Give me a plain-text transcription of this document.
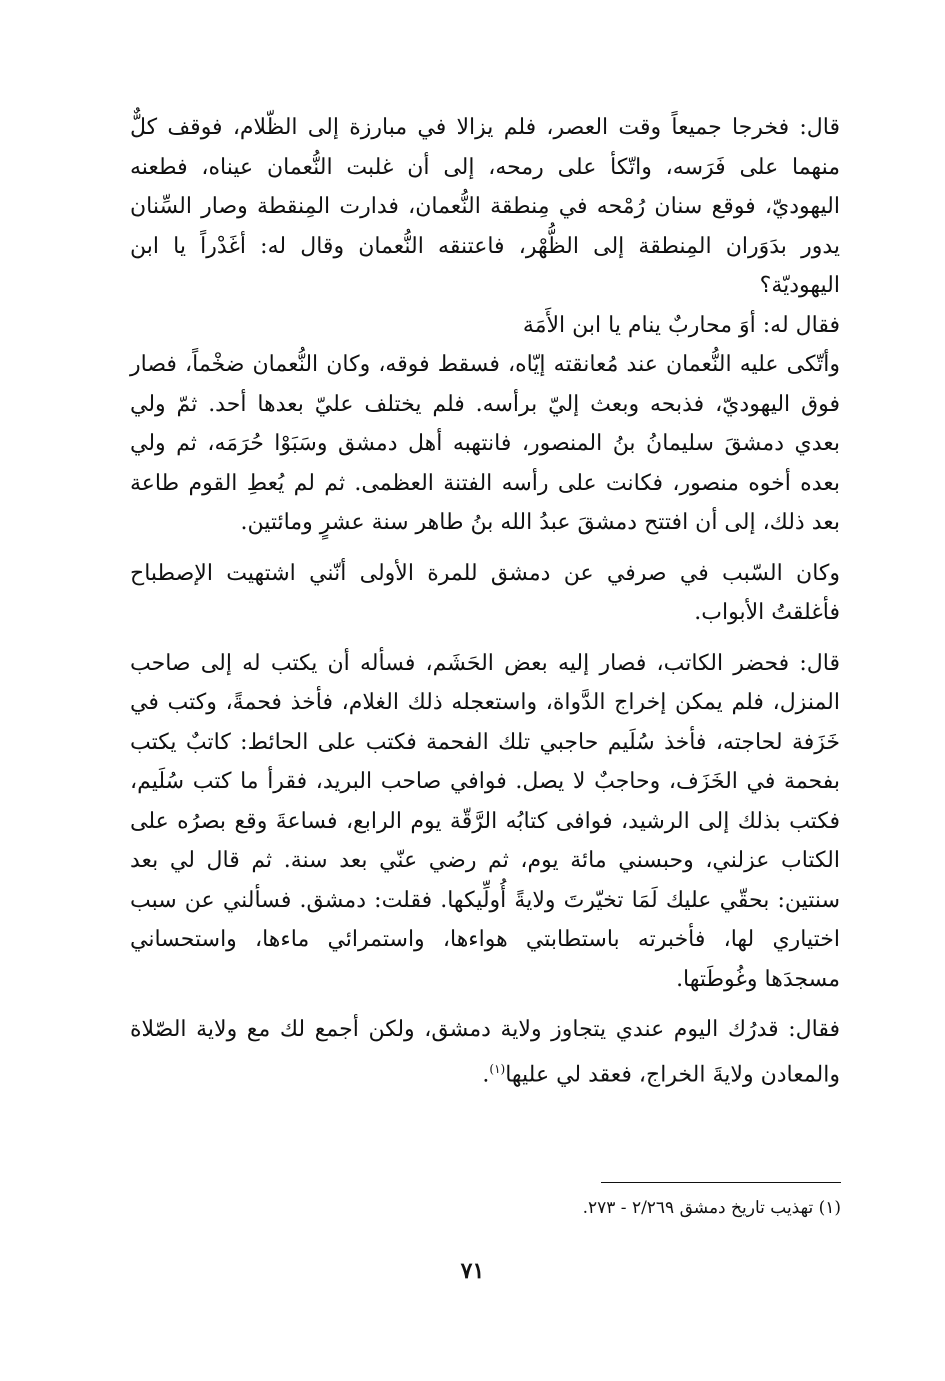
قال: فخرجا جميعاً وقت العصر، فلم يزالا في مبارزة إلى الظّلام، فوقف كلٌّ منهما على فَرَسه، واتّكأ على رمحه، إلى أن غلبت النُّعمان عيناه، فطعنه اليهوديّ، فوقع سنان رُمْحه في مِنطقة النُّعمان، فدارت المِنقطة وصار السِّنان يدور بدَوَران المِنطقة إلى الظُّهْر، فاعتنقه النُّعمان وقال له: أغَدْراً يا ابن اليهوديّة؟

فقال له: أوَ محاربٌ ينام يا ابن الأَمَة

وأتّكى عليه النُّعمان عند مُعانقته إيّاه، فسقط فوقه، وكان النُّعمان ضخْماً، فصار فوق اليهوديّ، فذبحه وبعث إليّ برأسه. فلم يختلف عليّ بعدها أحد. ثمّ ولي بعدي دمشقَ سليمانُ بنُ المنصور، فانتهبه أهل دمشق وسَبَوْا حُرَمَه، ثم ولي بعده أخوه منصور، فكانت على رأسه الفتنة العظمى. ثم لم يُعطِ القوم طاعة بعد ذلك، إلى أن افتتح دمشقَ عبدُ الله بنُ طاهر سنة عشرٍ ومائتين.

وكان السّبب في صرفي عن دمشق للمرة الأولى أنّني اشتهيت الإصطباح فأغلقتُ الأبواب.

قال: فحضر الكاتب، فصار إليه بعض الحَشَم، فسأله أن يكتب له إلى صاحب المنزل، فلم يمكن إخراج الدَّواة، واستعجله ذلك الغلام، فأخذ فحمةً، وكتب في خَزَفة لحاجته، فأخذ سُلَيم حاجبي تلك الفحمة فكتب على الحائط: كاتبٌ يكتب بفحمة في الخَزَف، وحاجبٌ لا يصل. فوافي صاحب البريد، فقرأ ما كتب سُلَيم، فكتب بذلك إلى الرشيد، فوافى كتابُه الرَّقّة يوم الرابع، فساعةَ وقع بصرُه على الكتاب عزلني، وحبسني مائة يوم، ثم رضي عنّي بعد سنة. ثم قال لي بعد سنتين: بحقّي عليك لَمَا تخيّرتَ ولايةً أُولِّيكها. فقلت: دمشق. فسألني عن سبب اختياري لها، فأخبرته باستطابتي هواءها، واستمرائي ماءها، واستحساني مسجدَها وغُوطَتها.

فقال: قدرُك اليوم عندي يتجاوز ولاية دمشق، ولكن أجمع لك مع ولاية الصّلاة والمعادن ولايةَ الخراج، فعقد لي عليها$^{(١)}$.

(١) تهذيب تاريخ دمشق ٢/٢٦٩ - ٢٧٣.
٧١
